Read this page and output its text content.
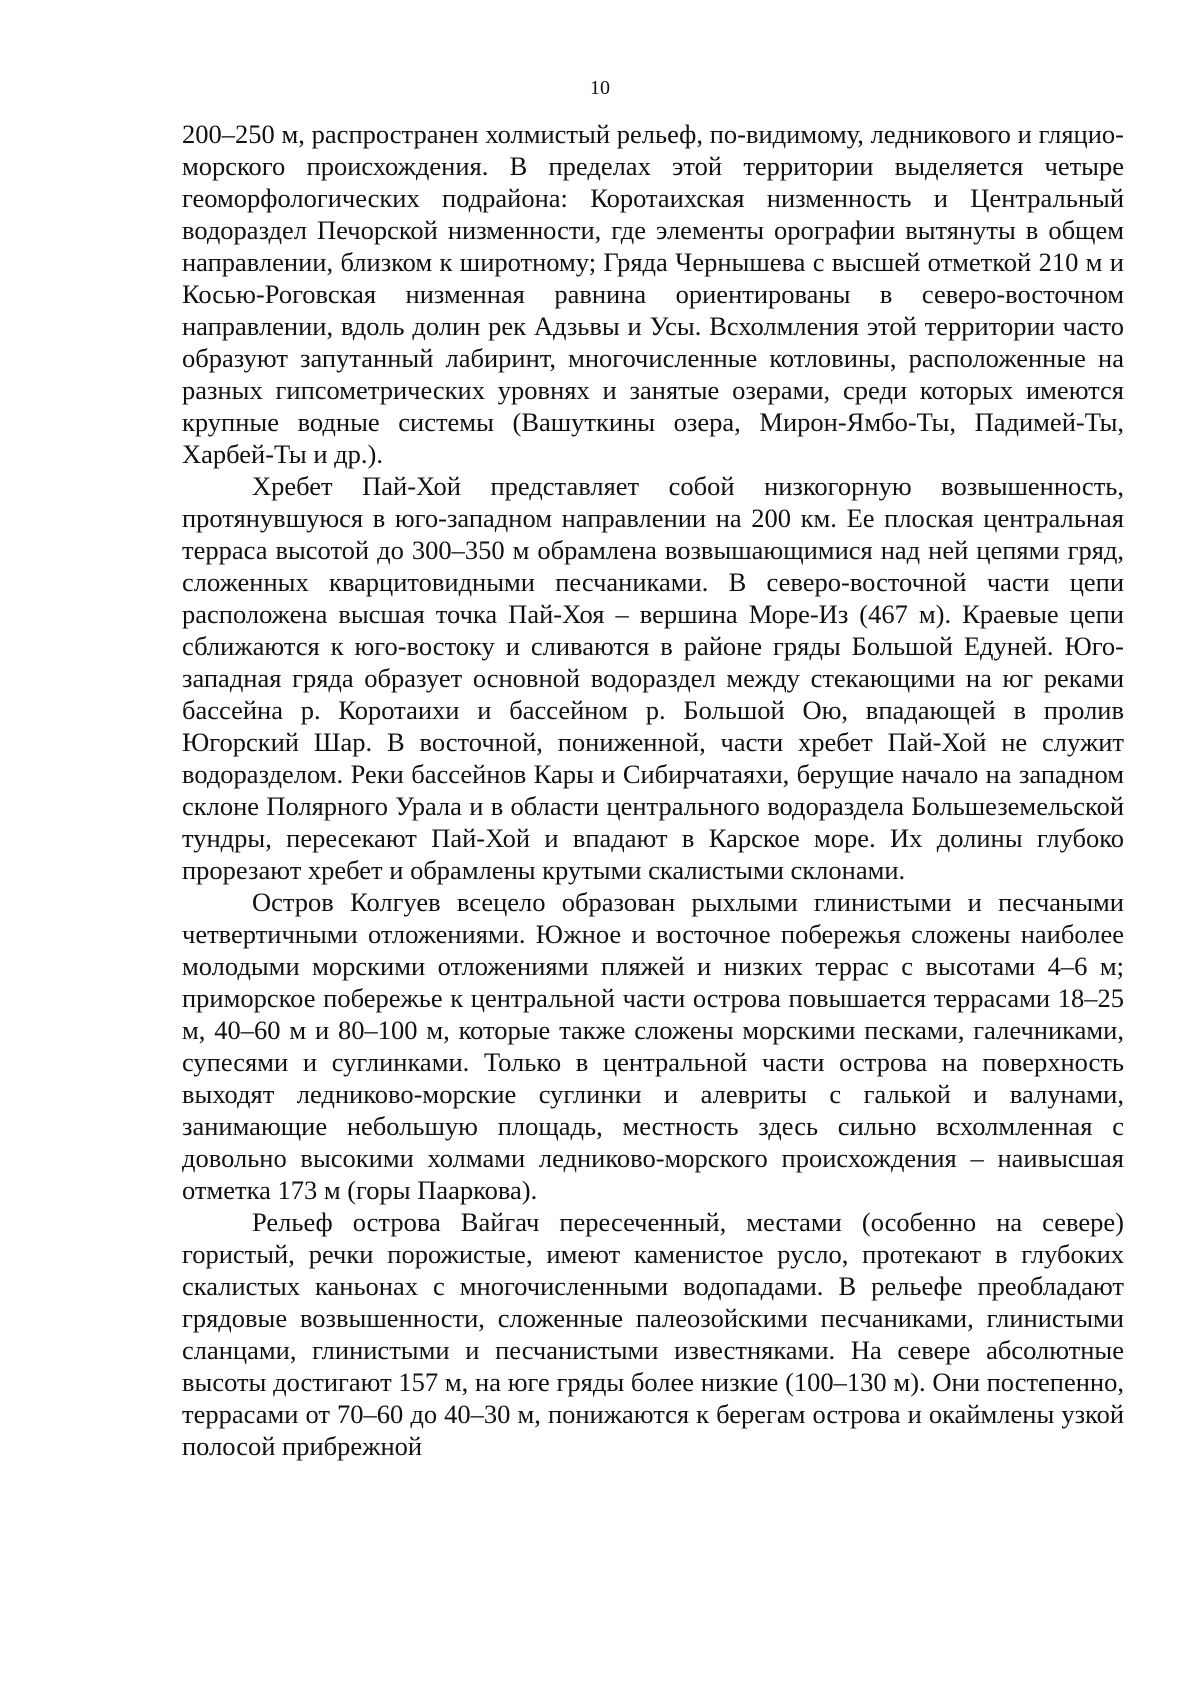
10

200–250 м, распространен холмистый рельеф, по-видимому, ледникового и гляцио-морского происхождения. В пределах этой территории выделяется четыре геоморфологических подрайона: Коротаихская низменность и Центральный водораздел Печорской низменности, где элементы орографии вытянуты в общем направлении, близком к широтному; Гряда Чернышева с высшей отметкой 210 м и Косью-Роговская низменная равнина ориентированы в северо-восточном направлении, вдоль долин рек Адзьвы и Усы. Всхолмления этой территории часто образуют запутанный лабиринт, многочисленные котловины, расположенные на разных гипсометрических уровнях и занятые озерами, среди которых имеются крупные водные системы (Вашуткины озера, Мирон-Ямбо-Ты, Падимей-Ты, Харбей-Ты и др.).

Хребет Пай-Хой представляет собой низкогорную возвышенность, протянувшуюся в юго-западном направлении на 200 км. Ее плоская центральная терраса высотой до 300–350 м обрамлена возвышающимися над ней цепями гряд, сложенных кварцитовидными песчаниками. В северо-восточной части цепи расположена высшая точка Пай-Хоя – вершина Море-Из (467 м). Краевые цепи сближаются к юго-востоку и сливаются в районе гряды Большой Едуней. Юго-западная гряда образует основной водораздел между стекающими на юг реками бассейна р. Коротаихи и бассейном р. Большой Ою, впадающей в пролив Югорский Шар. В восточной, пониженной, части хребет Пай-Хой не служит водоразделом. Реки бассейнов Кары и Сибирчатаяхи, берущие начало на западном склоне Полярного Урала и в области центрального водораздела Большеземельской тундры, пересекают Пай-Хой и впадают в Карское море. Их долины глубоко прорезают хребет и обрамлены крутыми скалистыми склонами.

Остров Колгуев всецело образован рыхлыми глинистыми и песчаными четвертичными отложениями. Южное и восточное побережья сложены наиболее молодыми морскими отложениями пляжей и низких террас с высотами 4–6 м; приморское побережье к центральной части острова повышается террасами 18–25 м, 40–60 м и 80–100 м, которые также сложены морскими песками, галечниками, супесями и суглинками. Только в центральной части острова на поверхность выходят ледниково-морские суглинки и алевриты с галькой и валунами, занимающие небольшую площадь, местность здесь сильно всхолмленная с довольно высокими холмами ледниково-морского происхождения – наивысшая отметка 173 м (горы Пааркова).

Рельеф острова Вайгач пересеченный, местами (особенно на севере) гористый, речки порожистые, имеют каменистое русло, протекают в глубоких скалистых каньонах с многочисленными водопадами. В рельефе преобладают грядовые возвышенности, сложенные палеозойскими песчаниками, глинистыми сланцами, глинистыми и песчанистыми известняками. На севере абсолютные высоты достигают 157 м, на юге гряды более низкие (100–130 м). Они постепенно, террасами от 70–60 до 40–30 м, понижаются к берегам острова и окаймлены узкой полосой прибрежной
